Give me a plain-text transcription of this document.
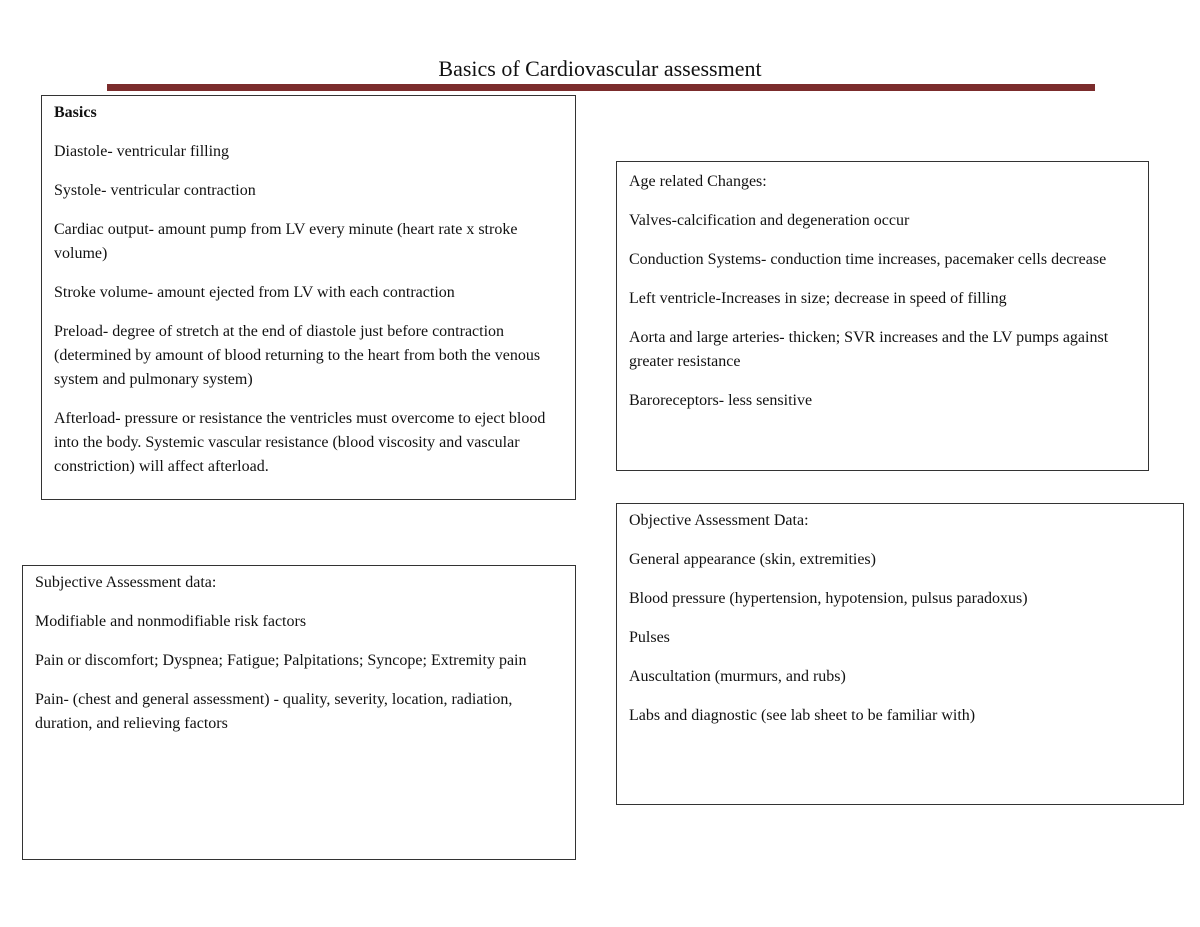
Basics of Cardiovascular assessment

Basics

Diastole- ventricular filling

Systole- ventricular contraction

Cardiac output- amount pump from LV every minute (heart rate x stroke volume)

Stroke volume- amount ejected from LV with each contraction

Preload- degree of stretch at the end of diastole just before contraction (determined by amount of blood returning to the heart from both the venous system and pulmonary system)

Afterload- pressure or resistance the ventricles must overcome to eject blood into the body. Systemic vascular resistance (blood viscosity and vascular constriction) will affect afterload.

Age related Changes:

Valves-calcification and degeneration occur

Conduction Systems- conduction time increases, pacemaker cells decrease

Left ventricle-Increases in size; decrease in speed of filling

Aorta and large arteries- thicken; SVR increases and the LV pumps against greater resistance

Baroreceptors- less sensitive

Objective Assessment Data:

General appearance (skin, extremities)

Blood pressure (hypertension, hypotension, pulsus paradoxus)

Pulses

Auscultation (murmurs, and rubs)

Labs and diagnostic (see lab sheet to be familiar with)

Subjective Assessment data:

Modifiable and nonmodifiable risk factors

Pain or discomfort; Dyspnea; Fatigue; Palpitations; Syncope; Extremity pain

Pain- (chest and general assessment) - quality, severity, location, radiation, duration, and relieving factors
